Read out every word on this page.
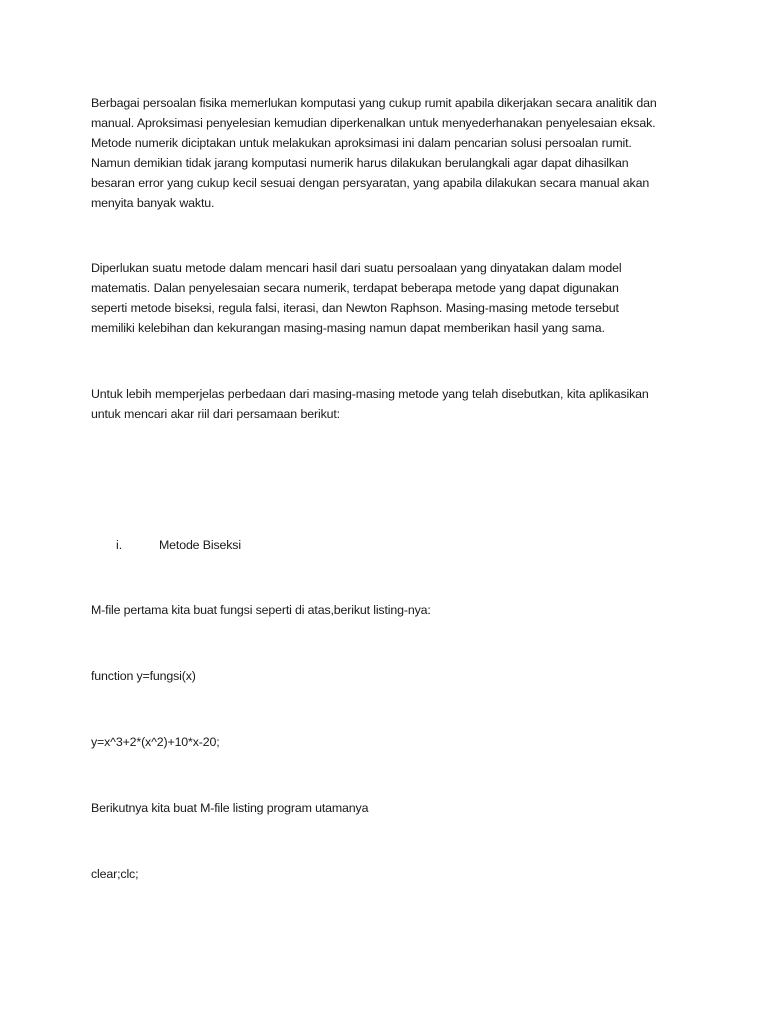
Berbagai persoalan fisika memerlukan komputasi yang cukup rumit apabila dikerjakan secara analitik dan
manual. Aproksimasi penyelesian kemudian diperkenalkan untuk menyederhanakan penyelesaian eksak.
Metode numerik diciptakan untuk melakukan aproksimasi ini dalam pencarian solusi persoalan rumit.
Namun demikian tidak jarang komputasi numerik harus dilakukan berulangkali agar dapat dihasilkan
besaran error yang cukup kecil sesuai dengan persyaratan, yang apabila dilakukan secara manual akan
menyita banyak waktu.
Diperlukan suatu metode dalam mencari hasil dari suatu persoalaan yang dinyatakan dalam model
matematis. Dalan penyelesaian secara numerik, terdapat beberapa metode yang dapat digunakan
seperti metode biseksi, regula falsi, iterasi, dan Newton Raphson. Masing-masing metode tersebut
memiliki kelebihan dan kekurangan masing-masing namun dapat memberikan hasil yang sama.
Untuk lebih memperjelas perbedaan dari masing-masing metode yang telah disebutkan, kita aplikasikan
untuk mencari akar riil dari persamaan berikut:
i.	Metode Biseksi

M-file pertama kita buat fungsi seperti di atas,berikut listing-nya:

function y=fungsi(x)

y=x^3+2*(x^2)+10*x-20;

Berikutnya kita buat M-file listing program utamanya

clear;clc;
